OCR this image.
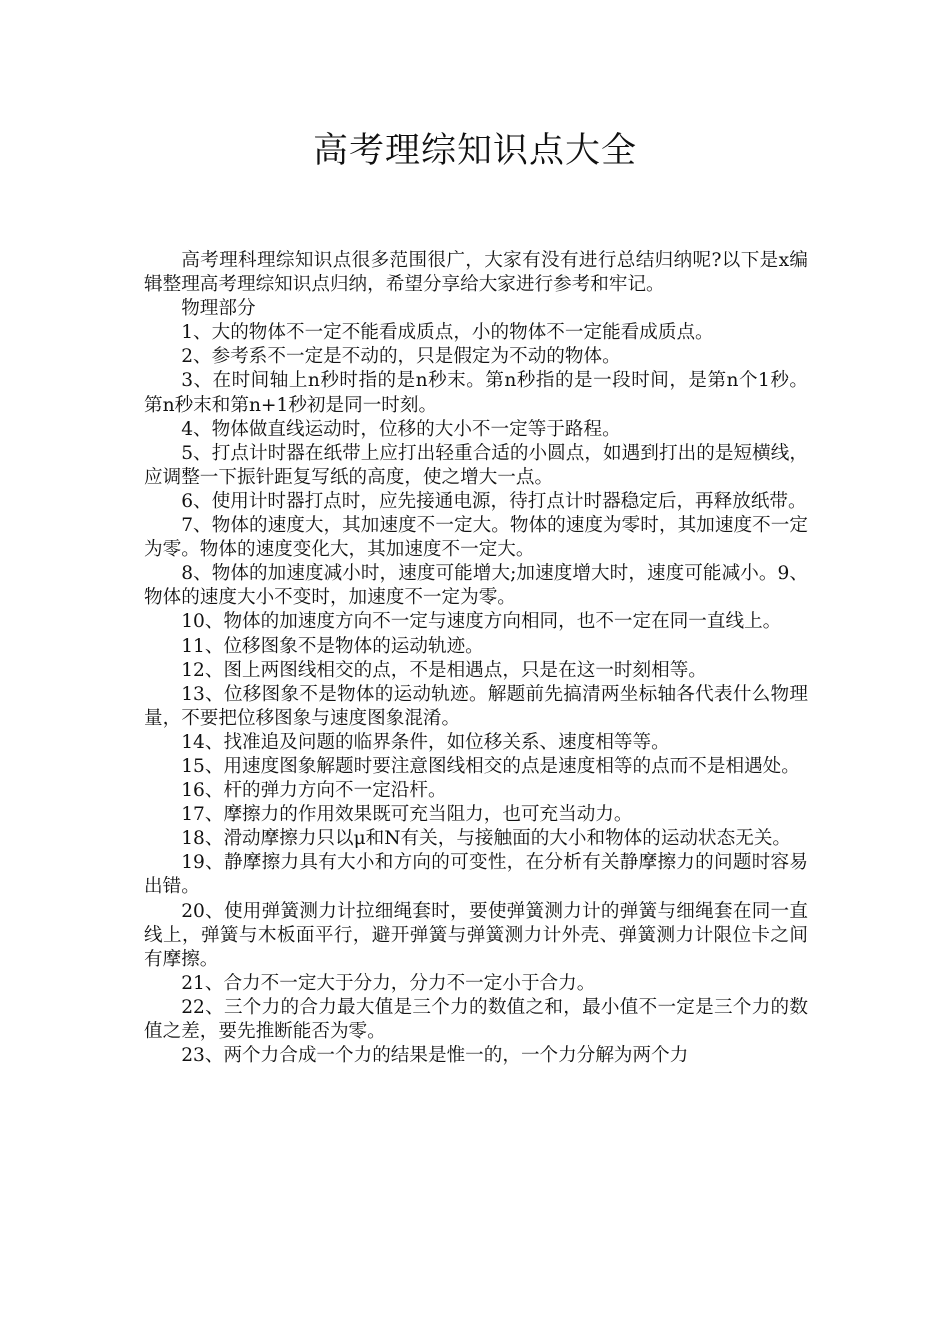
高考理综知识点大全

高考理科理综知识点很多范围很广，大家有没有进行总结归纳呢?以下是x编辑整理高考理综知识点归纳，希望分享给大家进行参考和牢记。

物理部分

1、大的物体不一定不能看成质点，小的物体不一定能看成质点。

2、参考系不一定是不动的，只是假定为不动的物体。

3、在时间轴上n秒时指的是n秒末。第n秒指的是一段时间，是第n个1秒。第n秒末和第n+1秒初是同一时刻。

4、物体做直线运动时，位移的大小不一定等于路程。

5、打点计时器在纸带上应打出轻重合适的小圆点，如遇到打出的是短横线，应调整一下振针距复写纸的高度，使之增大一点。

6、使用计时器打点时，应先接通电源，待打点计时器稳定后，再释放纸带。

7、物体的速度大，其加速度不一定大。物体的速度为零时，其加速度不一定为零。物体的速度变化大，其加速度不一定大。

8、物体的加速度减小时，速度可能增大;加速度增大时，速度可能减小。9、物体的速度大小不变时，加速度不一定为零。

10、物体的加速度方向不一定与速度方向相同，也不一定在同一直线上。

11、位移图象不是物体的运动轨迹。

12、图上两图线相交的点，不是相遇点，只是在这一时刻相等。

13、位移图象不是物体的运动轨迹。解题前先搞清两坐标轴各代表什么物理量，不要把位移图象与速度图象混淆。

14、找准追及问题的临界条件，如位移关系、速度相等等。

15、用速度图象解题时要注意图线相交的点是速度相等的点而不是相遇处。

16、杆的弹力方向不一定沿杆。

17、摩擦力的作用效果既可充当阻力，也可充当动力。

18、滑动摩擦力只以μ和N有关，与接触面的大小和物体的运动状态无关。

19、静摩擦力具有大小和方向的可变性，在分析有关静摩擦力的问题时容易出错。

20、使用弹簧测力计拉细绳套时，要使弹簧测力计的弹簧与细绳套在同一直线上，弹簧与木板面平行，避开弹簧与弹簧测力计外壳、弹簧测力计限位卡之间有摩擦。

21、合力不一定大于分力，分力不一定小于合力。

22、三个力的合力最大值是三个力的数值之和，最小值不一定是三个力的数值之差，要先推断能否为零。

23、两个力合成一个力的结果是惟一的，一个力分解为两个力
